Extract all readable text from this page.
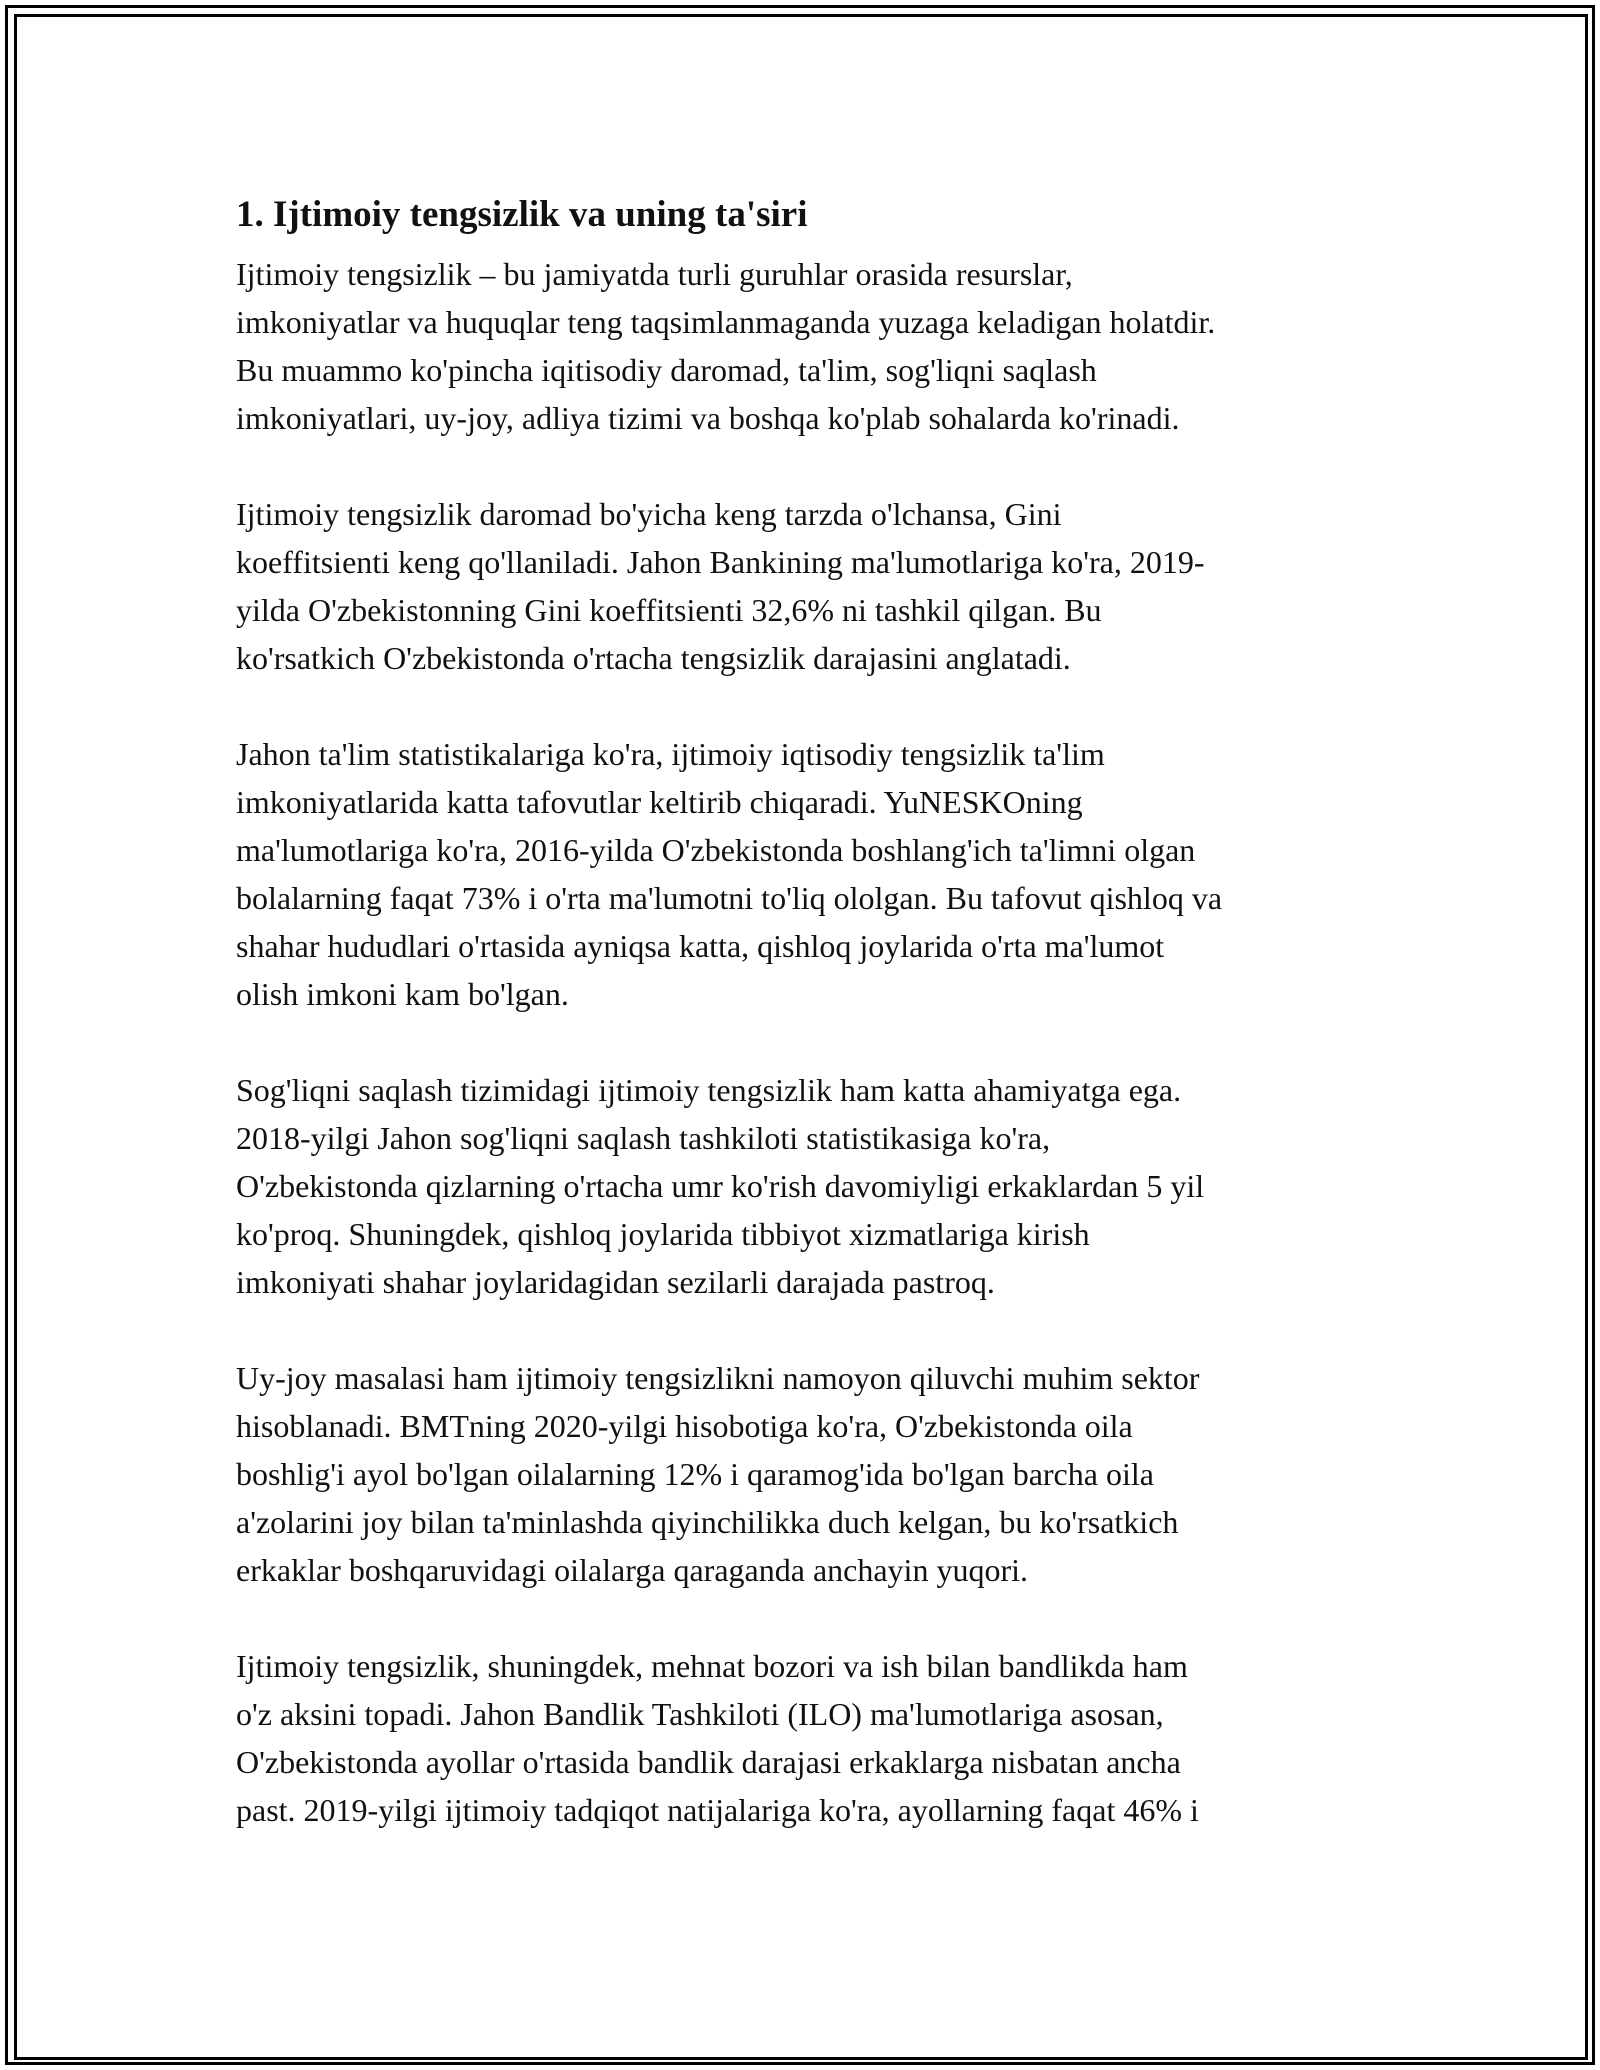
1. Ijtimoiy tengsizlik va uning ta'siri
Ijtimoiy tengsizlik – bu jamiyatda turli guruhlar orasida resurslar,
imkoniyatlar va huquqlar teng taqsimlanmaganda yuzaga keladigan holatdir.
Bu muammo ko'pincha iqitisodiy daromad, ta'lim, sog'liqni saqlash
imkoniyatlari, uy-joy, adliya tizimi va boshqa ko'plab sohalarda ko'rinadi.
Ijtimoiy tengsizlik daromad bo'yicha keng tarzda o'lchansa, Gini
koeffitsienti keng qo'llaniladi. Jahon Bankining ma'lumotlariga ko'ra, 2019-
yilda O'zbekistonning Gini koeffitsienti 32,6% ni tashkil qilgan. Bu
ko'rsatkich O'zbekistonda o'rtacha tengsizlik darajasini anglatadi.
Jahon ta'lim statistikalariga ko'ra, ijtimoiy iqtisodiy tengsizlik ta'lim
imkoniyatlarida katta tafovutlar keltirib chiqaradi. YuNESKOning
ma'lumotlariga ko'ra, 2016-yilda O'zbekistonda boshlang'ich ta'limni olgan
bolalarning faqat 73% i o'rta ma'lumotni to'liq ololgan. Bu tafovut qishloq va
shahar hududlari o'rtasida ayniqsa katta, qishloq joylarida o'rta ma'lumot
olish imkoni kam bo'lgan.
Sog'liqni saqlash tizimidagi ijtimoiy tengsizlik ham katta ahamiyatga ega.
2018-yilgi Jahon sog'liqni saqlash tashkiloti statistikasiga ko'ra,
O'zbekistonda qizlarning o'rtacha umr ko'rish davomiyligi erkaklardan 5 yil
ko'proq. Shuningdek, qishloq joylarida tibbiyot xizmatlariga kirish
imkoniyati shahar joylaridagidan sezilarli darajada pastroq.
Uy-joy masalasi ham ijtimoiy tengsizlikni namoyon qiluvchi muhim sektor
hisoblanadi. BMTning 2020-yilgi hisobotiga ko'ra, O'zbekistonda oila
boshlig'i ayol bo'lgan oilalarning 12% i qaramog'ida bo'lgan barcha oila
a'zolarini joy bilan ta'minlashda qiyinchilikka duch kelgan, bu ko'rsatkich
erkaklar boshqaruvidagi oilalarga qaraganda anchayin yuqori.
Ijtimoiy tengsizlik, shuningdek, mehnat bozori va ish bilan bandlikda ham
o'z aksini topadi. Jahon Bandlik Tashkiloti (ILO) ma'lumotlariga asosan,
O'zbekistonda ayollar o'rtasida bandlik darajasi erkaklarga nisbatan ancha
past. 2019-yilgi ijtimoiy tadqiqot natijalariga ko'ra, ayollarning faqat 46% i
